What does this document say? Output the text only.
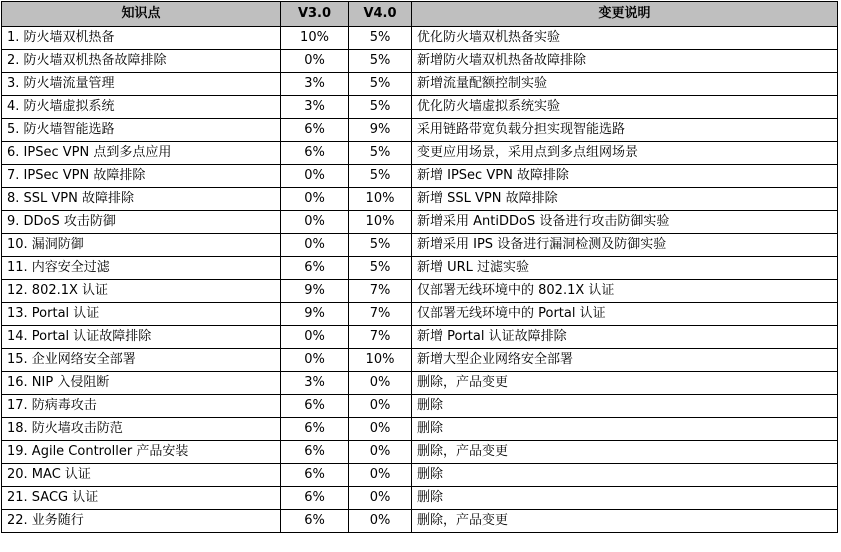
知识点	V3.0	V4.0	变更说明
1. 防火墙双机热备	10%	5%	优化防火墙双机热备实验
2. 防火墙双机热备故障排除	0%	5%	新增防火墙双机热备故障排除
3. 防火墙流量管理	3%	5%	新增流量配额控制实验
4. 防火墙虚拟系统	3%	5%	优化防火墙虚拟系统实验
5. 防火墙智能选路	6%	9%	采用链路带宽负载分担实现智能选路
6. IPSec VPN 点到多点应用	6%	5%	变更应用场景，采用点到多点组网场景
7. IPSec VPN 故障排除	0%	5%	新增 IPSec VPN 故障排除
8. SSL VPN 故障排除	0%	10%	新增 SSL VPN 故障排除
9. DDoS 攻击防御	0%	10%	新增采用 AntiDDoS 设备进行攻击防御实验
10. 漏洞防御	0%	5%	新增采用 IPS 设备进行漏洞检测及防御实验
11. 内容安全过滤	6%	5%	新增 URL 过滤实验
12. 802.1X 认证	9%	7%	仅部署无线环境中的 802.1X 认证
13. Portal 认证	9%	7%	仅部署无线环境中的 Portal 认证
14. Portal 认证故障排除	0%	7%	新增 Portal 认证故障排除
15. 企业网络安全部署	0%	10%	新增大型企业网络安全部署
16. NIP 入侵阻断	3%	0%	删除，产品变更
17. 防病毒攻击	6%	0%	删除
18. 防火墙攻击防范	6%	0%	删除
19. Agile Controller 产品安装	6%	0%	删除，产品变更
20. MAC 认证	6%	0%	删除
21. SACG 认证	6%	0%	删除
22. 业务随行	6%	0%	删除，产品变更
